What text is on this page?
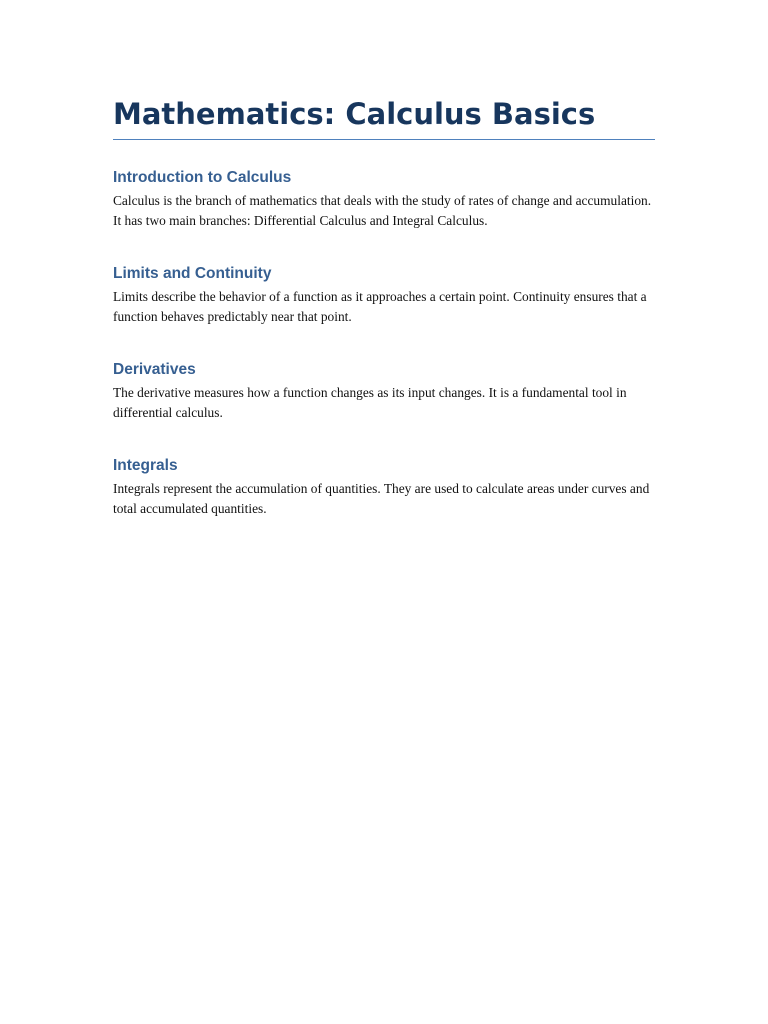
Mathematics: Calculus Basics
Introduction to Calculus

Calculus is the branch of mathematics that deals with the study of rates of change and accumulation. It has two main branches: Differential Calculus and Integral Calculus.

Limits and Continuity

Limits describe the behavior of a function as it approaches a certain point. Continuity ensures that a function behaves predictably near that point.

Derivatives

The derivative measures how a function changes as its input changes. It is a fundamental tool in differential calculus.

Integrals

Integrals represent the accumulation of quantities. They are used to calculate areas under curves and total accumulated quantities.
